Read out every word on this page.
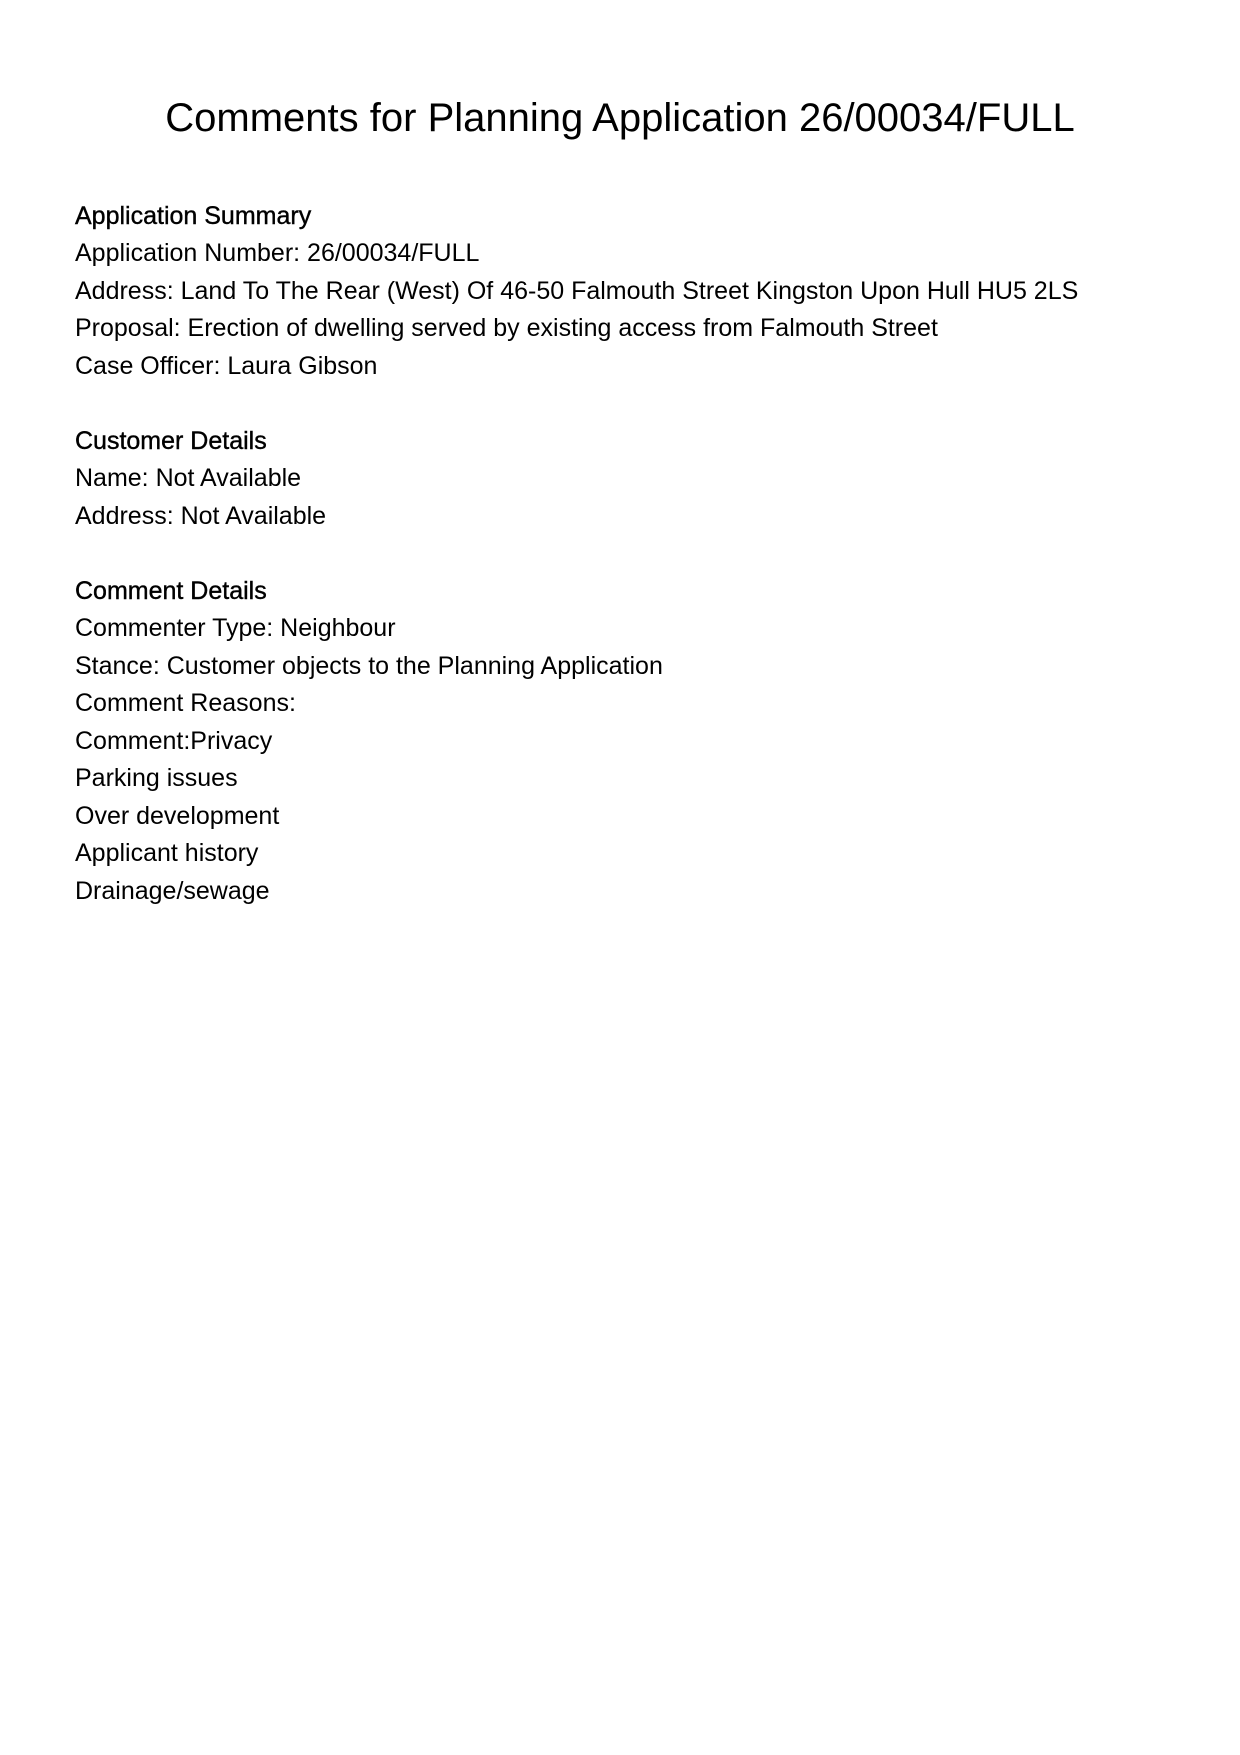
Comments for Planning Application 26/00034/FULL

Application Summary

Application Number: 26/00034/FULL

Address: Land To The Rear (West) Of 46-50 Falmouth Street Kingston Upon Hull HU5 2LS

Proposal: Erection of dwelling served by existing access from Falmouth Street

Case Officer: Laura Gibson

Customer Details

Name: Not Available

Address: Not Available

Comment Details

Commenter Type: Neighbour

Stance: Customer objects to the Planning Application

Comment Reasons:

Comment:Privacy

Parking issues

Over development

Applicant history

Drainage/sewage
